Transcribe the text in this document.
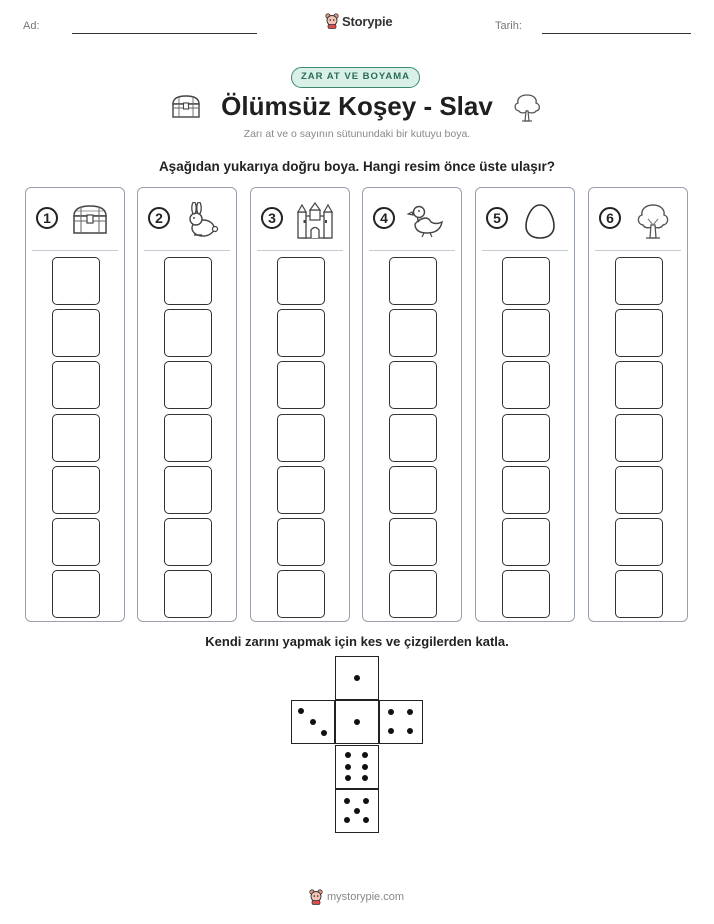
Ad:	Storypie	Tarih:
ZAR AT VE BOYAMA
Ölümsüz Koşey - Slav
Zarı at ve o sayının sütunundaki bir kutuyu boya.
Aşağıdan yukarıya doğru boya. Hangi resim önce üste ulaşır?
1	2	3	4	5	6
Kendi zarını yapmak için kes ve çizgilerden katla.
mystorypie.com
